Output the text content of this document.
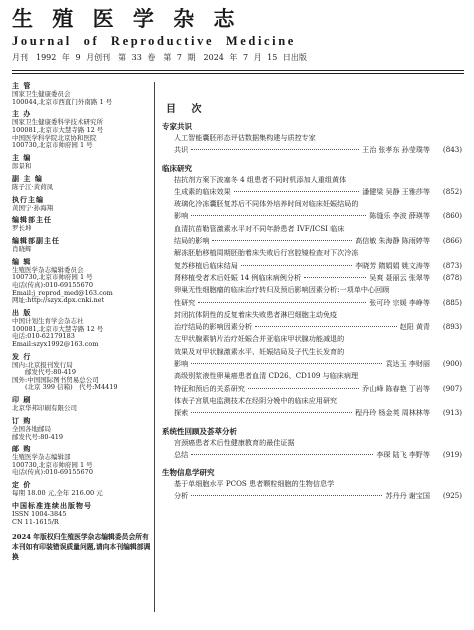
生 殖 医 学 杂 志
Journal of Reproductive Medicine
月刊　1992 年 9 月创刊　第 33 卷　第 7 期　2024 年 7 月 15 日出版
主 管
国家卫生健康委员会
100044,北京市西直门外南路 1 号
主 办
国家卫生健康委科学技术研究所
100081,北京市大慧寺路 12 号
中国医学科学院北京协和医院
100730,北京市帅府园 1 号
主 编
郎景和
副 主 编
陈子江·黄荷凤
执行主编
黄国宁·孙海翔
编辑部主任
罗长坤
编辑部副主任
肖晓辉
编 辑
生殖医学杂志编辑委员会
100730,北京市帅府园 1 号
电话(传真):010-69155670
Email:j_reprod_med@163.com
网址:http://szyx.dpx.cnki.net
出 版
中国计划生育学会杂志社
100081,北京市大慧寺路 12 号
电话:010-62179183
Email:szyx1992@163.com
发 行
国内:北京报刊发行局
　　邮发代号:80-419
国外:中国国际图书贸易总公司
　　(北京 399 信箱)　代号:M4419
印 刷
北京华邦印刷有限公司
订 购
全国各地邮局
邮发代号:80-419
邮 购
生殖医学杂志编辑部
100730,北京市帅府园 1 号
电话(传真):010-69155670
定 价
每期 18.00 元,全年 216.00 元
中国标准连续出版物号
ISSN 1004-3845
CN 11-1615/R
2024 年版权归生殖医学杂志编辑委员会所有　本刊如有印装错误质量问题,请向本刊编辑部调换
目 次
专家共识
人工智能囊胚形态评估数据集构建与质控专家
共识	王治 张孝东 孙莹璞等	(843)
临床研究
拮抗剂方案下波塞冬 4 组患者不同时机添加人重组黄体
生成素的临床效果	潘健梁 吴静 王雅莎等	(852)
玻璃化冷冻囊胚复苏后不同体外培养时间对临床妊娠结局的
影响	陈缝乐 李波 薛瑛等	(860)
血清抗苗勒管激素水平对不同年龄患者 IVF/ICSI 临床
结局的影响	高信敏 朱海静 陈雨婷等	(866)
解冻胚胎移植周期胚胎着床失败后行宫腔镜检查对下次冷冻
复苏移植后临床结局	李晓芳 隋娟娟 姚文涛等	(873)
肾移植受者术后妊娠 14 例临床病例分析	吴爽 聂丽云 张翠等	(878)
卵巢无性细胞瘤的临床治疗转归及预后影响因素分析:一项单中心回顾
性研究	张可玲 宗媛 李峥等	(885)
封闭抗体阴性的反复着床失败患者淋巴细胞主动免疫
治疗结局的影响因素分析	赵阳 黄青	(893)
左甲状腺素钠片治疗妊娠合并亚临床甲状腺功能减退的
效果及对甲状腺激素水平、妊娠结局及子代生长发育的
影响	袁达玉 李财丽	(900)
高级别浆液性卵巢癌患者血清 CD26、CD109 与临床病理
特征和预后的关系研究	乔山峰 陈春艳 丁岩等	(907)
体表子宫肌电监测技术在经阴分娩中的临床应用研究
探索	程丹玲 杨金英 周林林等	(913)
系统性回顾及荟萃分析
宫颈癌患者术后性健康教育的最佳证据
总结	李琛 陆飞 李野等	(919)
生物信息学研究
基于单细胞水平 PCOS 患者颗粒细胞的生物信息学
分析	苏丹丹 谢宝国	(925)
